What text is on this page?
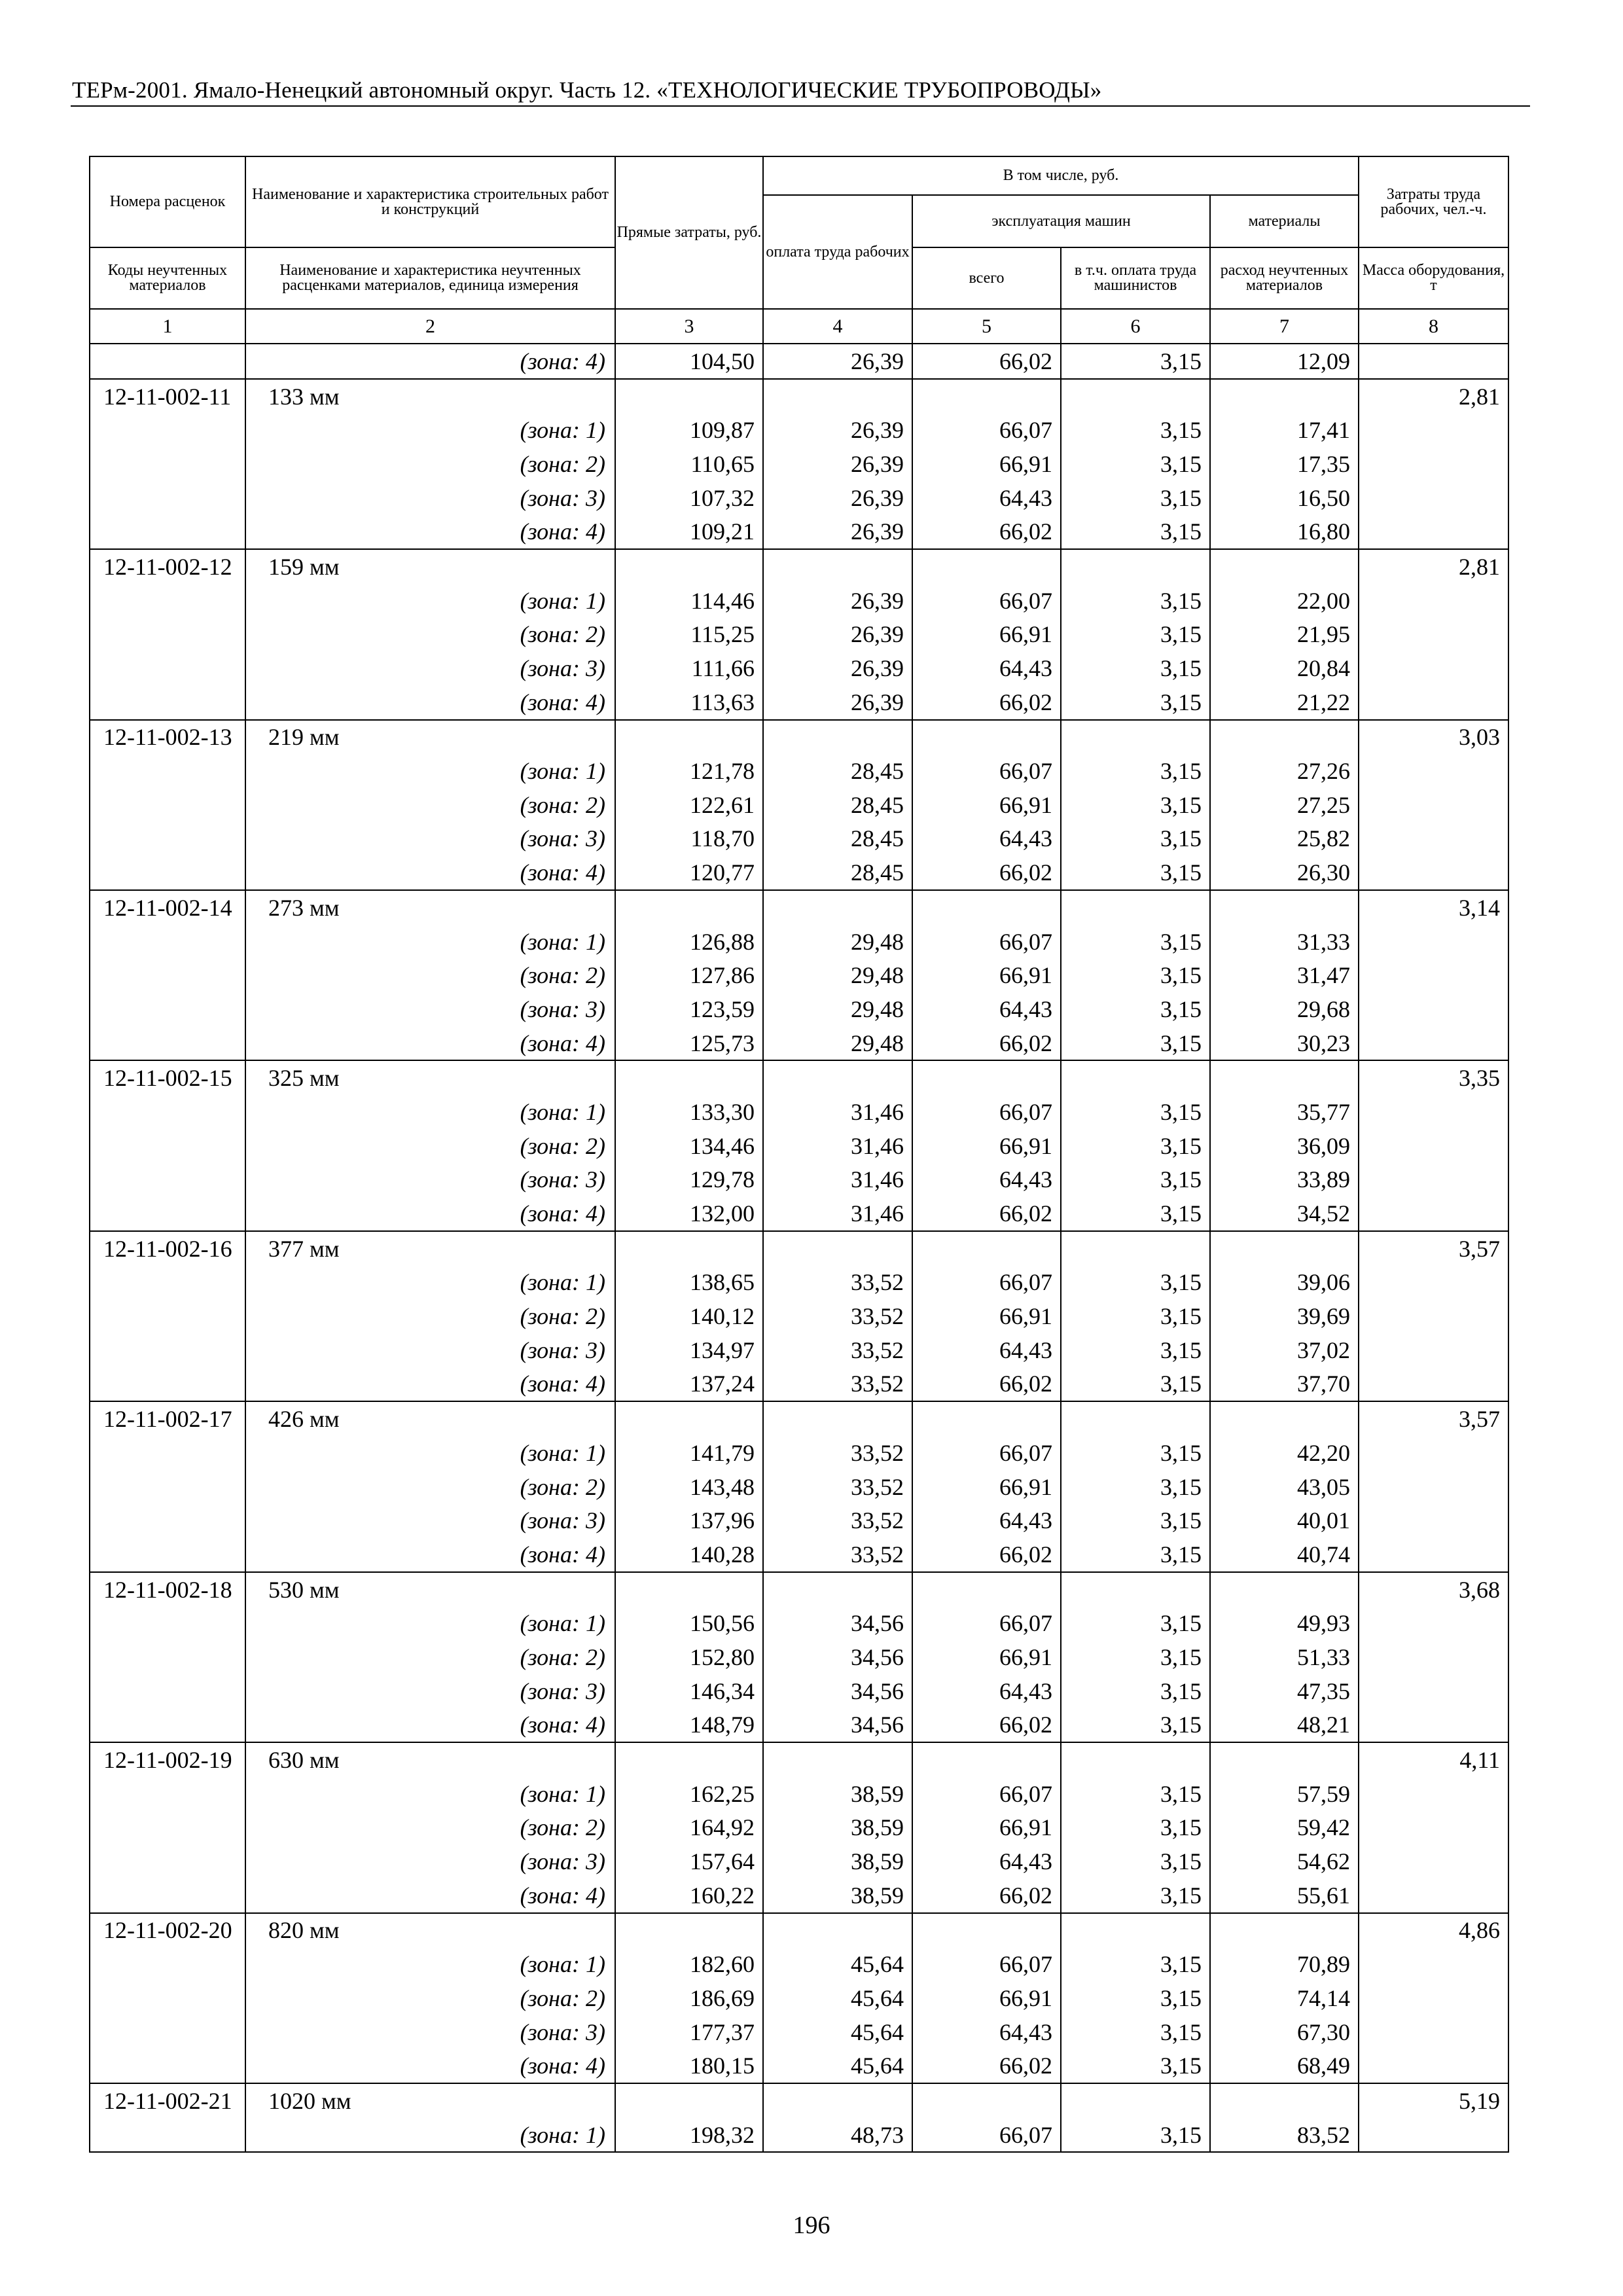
ТЕРм-2001. Ямало-Ненецкий автономный округ. Часть 12. «ТЕХНОЛОГИЧЕСКИЕ ТРУБОПРОВОДЫ»
Номера расценок	Наименование и характеристика строительных работ и конструкций	Прямые затраты, руб.	В том числе, руб.				Затраты труда рабочих, чел.-ч.
			оплата труда рабочих	эксплуатация машин		материалы	
Коды неучтенных материалов	Наименование и характеристика неучтенных расценками материалов, единица измерения			всего	в т.ч. оплата труда машинистов	расход неучтенных материалов	Масса оборудования, т
1	2	3	4	5	6	7	8
	(зона: 4)	104,50	26,39	66,02	3,15	12,09	
12-11-002-11	133 мм						2,81
	(зона: 1)	109,87	26,39	66,07	3,15	17,41	
	(зона: 2)	110,65	26,39	66,91	3,15	17,35	
	(зона: 3)	107,32	26,39	64,43	3,15	16,50	
	(зона: 4)	109,21	26,39	66,02	3,15	16,80	
12-11-002-12	159 мм						2,81
	(зона: 1)	114,46	26,39	66,07	3,15	22,00	
	(зона: 2)	115,25	26,39	66,91	3,15	21,95	
	(зона: 3)	111,66	26,39	64,43	3,15	20,84	
	(зона: 4)	113,63	26,39	66,02	3,15	21,22	
12-11-002-13	219 мм						3,03
	(зона: 1)	121,78	28,45	66,07	3,15	27,26	
	(зона: 2)	122,61	28,45	66,91	3,15	27,25	
	(зона: 3)	118,70	28,45	64,43	3,15	25,82	
	(зона: 4)	120,77	28,45	66,02	3,15	26,30	
12-11-002-14	273 мм						3,14
	(зона: 1)	126,88	29,48	66,07	3,15	31,33	
	(зона: 2)	127,86	29,48	66,91	3,15	31,47	
	(зона: 3)	123,59	29,48	64,43	3,15	29,68	
	(зона: 4)	125,73	29,48	66,02	3,15	30,23	
12-11-002-15	325 мм						3,35
	(зона: 1)	133,30	31,46	66,07	3,15	35,77	
	(зона: 2)	134,46	31,46	66,91	3,15	36,09	
	(зона: 3)	129,78	31,46	64,43	3,15	33,89	
	(зона: 4)	132,00	31,46	66,02	3,15	34,52	
12-11-002-16	377 мм						3,57
	(зона: 1)	138,65	33,52	66,07	3,15	39,06	
	(зона: 2)	140,12	33,52	66,91	3,15	39,69	
	(зона: 3)	134,97	33,52	64,43	3,15	37,02	
	(зона: 4)	137,24	33,52	66,02	3,15	37,70	
12-11-002-17	426 мм						3,57
	(зона: 1)	141,79	33,52	66,07	3,15	42,20	
	(зона: 2)	143,48	33,52	66,91	3,15	43,05	
	(зона: 3)	137,96	33,52	64,43	3,15	40,01	
	(зона: 4)	140,28	33,52	66,02	3,15	40,74	
12-11-002-18	530 мм						3,68
	(зона: 1)	150,56	34,56	66,07	3,15	49,93	
	(зона: 2)	152,80	34,56	66,91	3,15	51,33	
	(зона: 3)	146,34	34,56	64,43	3,15	47,35	
	(зона: 4)	148,79	34,56	66,02	3,15	48,21	
12-11-002-19	630 мм						4,11
	(зона: 1)	162,25	38,59	66,07	3,15	57,59	
	(зона: 2)	164,92	38,59	66,91	3,15	59,42	
	(зона: 3)	157,64	38,59	64,43	3,15	54,62	
	(зона: 4)	160,22	38,59	66,02	3,15	55,61	
12-11-002-20	820 мм						4,86
	(зона: 1)	182,60	45,64	66,07	3,15	70,89	
	(зона: 2)	186,69	45,64	66,91	3,15	74,14	
	(зона: 3)	177,37	45,64	64,43	3,15	67,30	
	(зона: 4)	180,15	45,64	66,02	3,15	68,49	
12-11-002-21	1020 мм						5,19
	(зона: 1)	198,32	48,73	66,07	3,15	83,52	
196
